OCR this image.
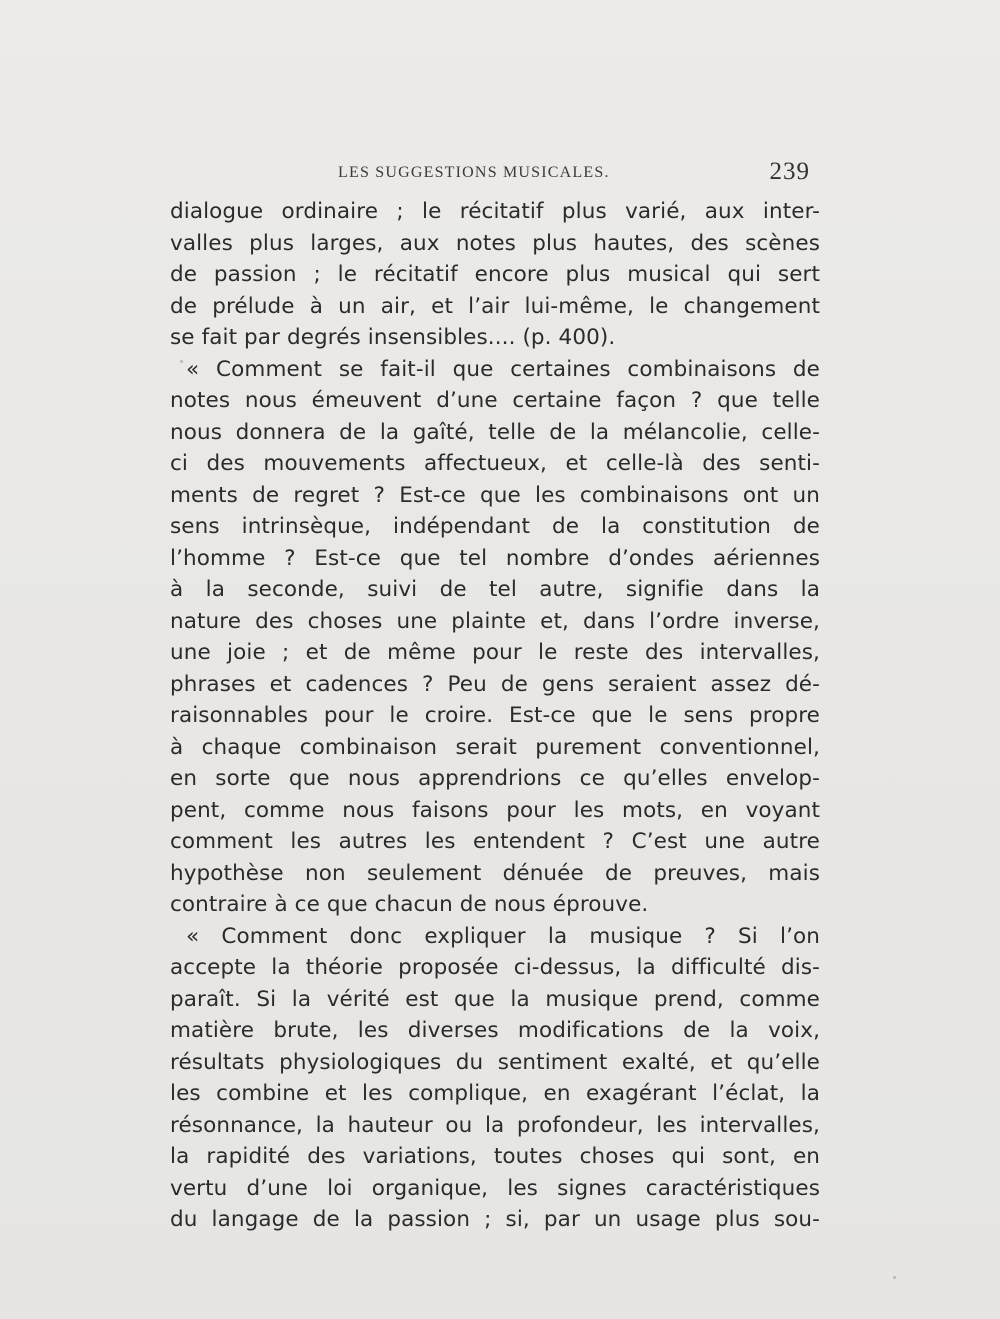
LES SUGGESTIONS MUSICALES.	239
dialogue ordinaire ; le récitatif plus varié, aux inter-
valles plus larges, aux notes plus hautes, des scènes
de passion ; le récitatif encore plus musical qui sert
de prélude à un air, et l’air lui-même, le changement
se fait par degrés insensibles.... (p. 400).
« Comment se fait-il que certaines combinaisons de
notes nous émeuvent d’une certaine façon ? que telle
nous donnera de la gaîté, telle de la mélancolie, celle-
ci des mouvements affectueux, et celle-là des senti-
ments de regret ? Est-ce que les combinaisons ont un
sens intrinsèque, indépendant de la constitution de
l’homme ? Est-ce que tel nombre d’ondes aériennes
à la seconde, suivi de tel autre, signifie dans la
nature des choses une plainte et, dans l’ordre inverse,
une joie ; et de même pour le reste des intervalles,
phrases et cadences ? Peu de gens seraient assez dé-
raisonnables pour le croire. Est-ce que le sens propre
à chaque combinaison serait purement conventionnel,
en sorte que nous apprendrions ce qu’elles envelop-
pent, comme nous faisons pour les mots, en voyant
comment les autres les entendent ? C’est une autre
hypothèse non seulement dénuée de preuves, mais
contraire à ce que chacun de nous éprouve.
« Comment donc expliquer la musique ? Si l’on
accepte la théorie proposée ci-dessus, la difficulté dis-
paraît. Si la vérité est que la musique prend, comme
matière brute, les diverses modifications de la voix,
résultats physiologiques du sentiment exalté, et qu’elle
les combine et les complique, en exagérant l’éclat, la
résonnance, la hauteur ou la profondeur, les intervalles,
la rapidité des variations, toutes choses qui sont, en
vertu d’une loi organique, les signes caractéristiques
du langage de la passion ; si, par un usage plus sou-
